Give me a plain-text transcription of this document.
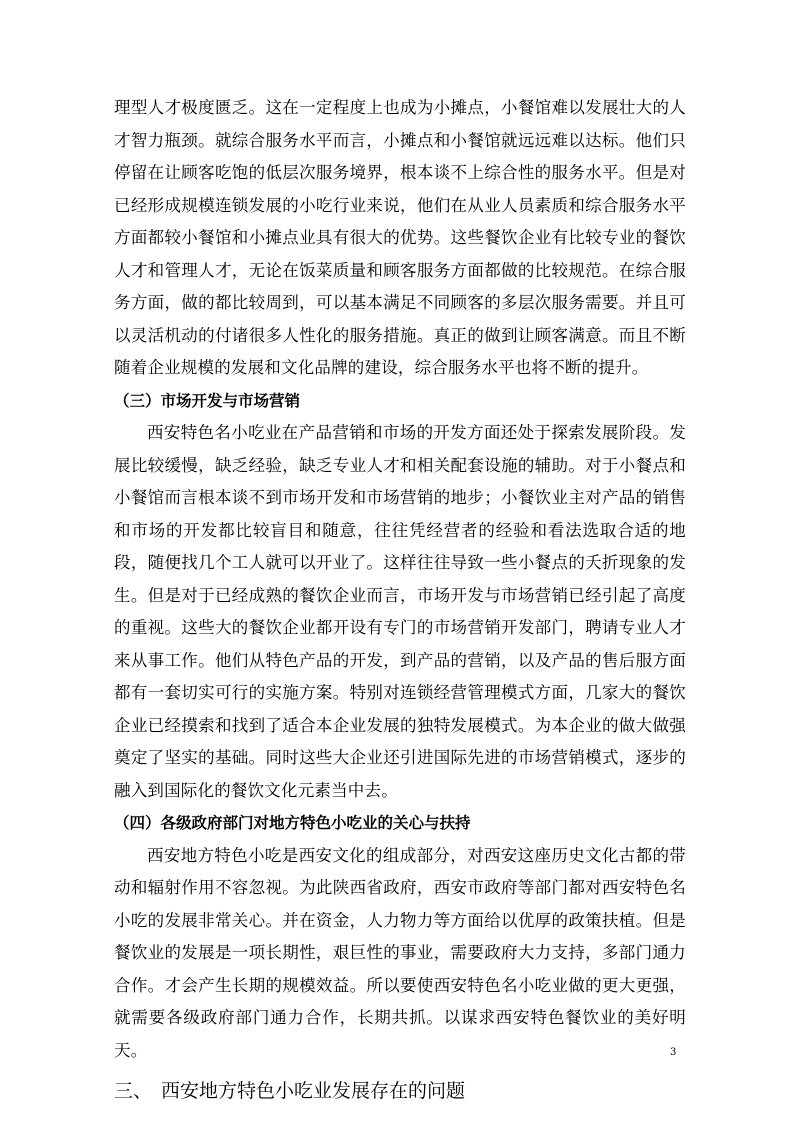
理型人才极度匮乏。这在一定程度上也成为小摊点，小餐馆难以发展壮大的人才智力瓶颈。就综合服务水平而言，小摊点和小餐馆就远远难以达标。他们只停留在让顾客吃饱的低层次服务境界，根本谈不上综合性的服务水平。但是对已经形成规模连锁发展的小吃行业来说，他们在从业人员素质和综合服务水平方面都较小餐馆和小摊点业具有很大的优势。这些餐饮企业有比较专业的餐饮人才和管理人才，无论在饭菜质量和顾客服务方面都做的比较规范。在综合服务方面，做的都比较周到，可以基本满足不同顾客的多层次服务需要。并且可以灵活机动的付诸很多人性化的服务措施。真正的做到让顾客满意。而且不断随着企业规模的发展和文化品牌的建设，综合服务水平也将不断的提升。

（三）市场开发与市场营销

西安特色名小吃业在产品营销和市场的开发方面还处于探索发展阶段。发展比较缓慢，缺乏经验，缺乏专业人才和相关配套设施的辅助。对于小餐点和小餐馆而言根本谈不到市场开发和市场营销的地步；小餐饮业主对产品的销售和市场的开发都比较盲目和随意，往往凭经营者的经验和看法选取合适的地段，随便找几个工人就可以开业了。这样往往导致一些小餐点的夭折现象的发生。但是对于已经成熟的餐饮企业而言，市场开发与市场营销已经引起了高度的重视。这些大的餐饮企业都开设有专门的市场营销开发部门，聘请专业人才来从事工作。他们从特色产品的开发，到产品的营销，以及产品的售后服方面都有一套切实可行的实施方案。特别对连锁经营管理模式方面，几家大的餐饮企业已经摸索和找到了适合本企业发展的独特发展模式。为本企业的做大做强奠定了坚实的基础。同时这些大企业还引进国际先进的市场营销模式，逐步的融入到国际化的餐饮文化元素当中去。

（四）各级政府部门对地方特色小吃业的关心与扶持

西安地方特色小吃是西安文化的组成部分，对西安这座历史文化古都的带动和辐射作用不容忽视。为此陕西省政府，西安市政府等部门都对西安特色名小吃的发展非常关心。并在资金，人力物力等方面给以优厚的政策扶植。但是餐饮业的发展是一项长期性，艰巨性的事业，需要政府大力支持，多部门通力合作。才会产生长期的规模效益。所以要使西安特色名小吃业做的更大更强，就需要各级政府部门通力合作，长期共抓。以谋求西安特色餐饮业的美好明天。

三、 西安地方特色小吃业发展存在的问题
3
